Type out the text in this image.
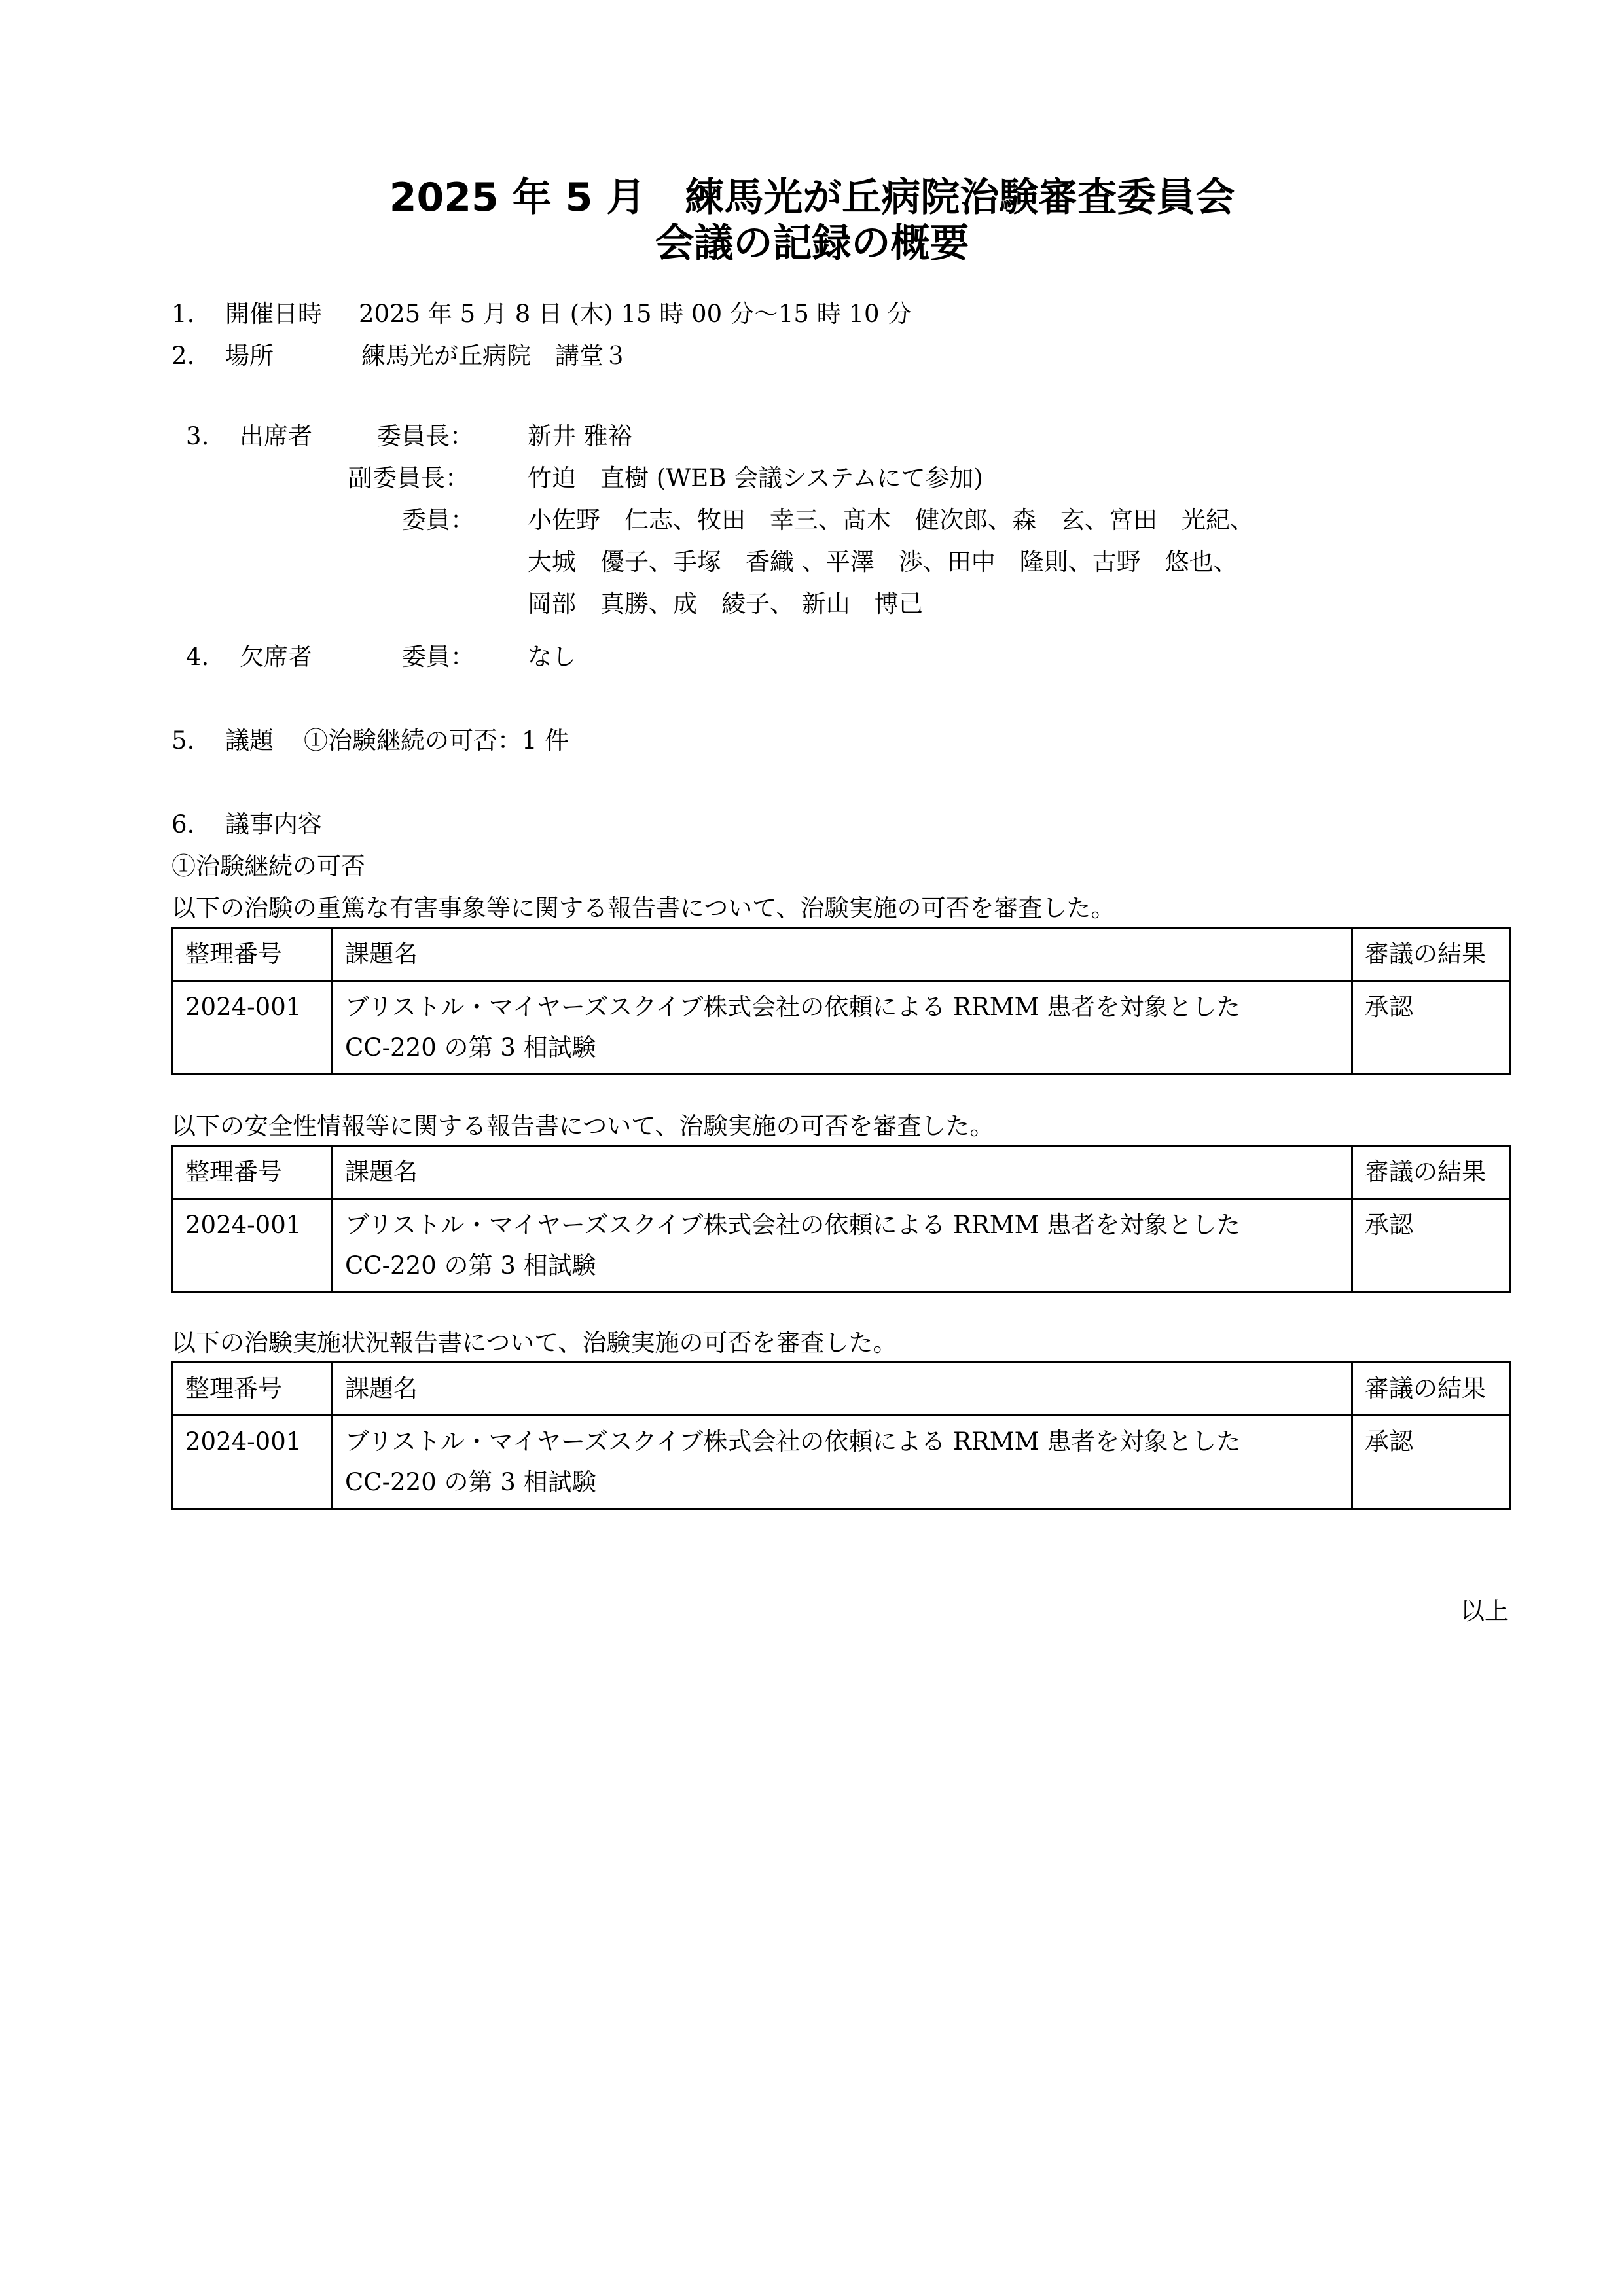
2025 年 5 月　練馬光が丘病院治験審査委員会
会議の記録の概要
1. 開催日時 2025 年 5 月 8 日 (木) 15 時 00 分～15 時 10 分
2. 場所	練馬光が丘病院　講堂３
3. 出席者	委員長： 新井 雅裕
副委員長： 竹迫　直樹 (WEB 会議システムにて参加)
委員： 小佐野　仁志、牧田　幸三、髙木　健次郎、森　玄、宮田　光紀、
大城　優子、手塚　香織 、平澤　渉、田中　隆則、古野　悠也、
岡部　真勝、成　綾子、 新山　博己
4. 欠席者	委員： なし
5. 議題 ①治験継続の可否：1 件
6. 議事内容
①治験継続の可否
以下の治験の重篤な有害事象等に関する報告書について、治験実施の可否を審査した。
整理番号	課題名	審議の結果
2024-001	ブリストル・マイヤーズスクイブ株式会社の依頼による RRMM 患者を対象とした
CC-220 の第 3 相試験	承認
以下の安全性情報等に関する報告書について、治験実施の可否を審査した。
整理番号	課題名	審議の結果
2024-001	ブリストル・マイヤーズスクイブ株式会社の依頼による RRMM 患者を対象とした
CC-220 の第 3 相試験	承認
以下の治験実施状況報告書について、治験実施の可否を審査した。
整理番号	課題名	審議の結果
2024-001	ブリストル・マイヤーズスクイブ株式会社の依頼による RRMM 患者を対象とした
CC-220 の第 3 相試験	承認
以上
